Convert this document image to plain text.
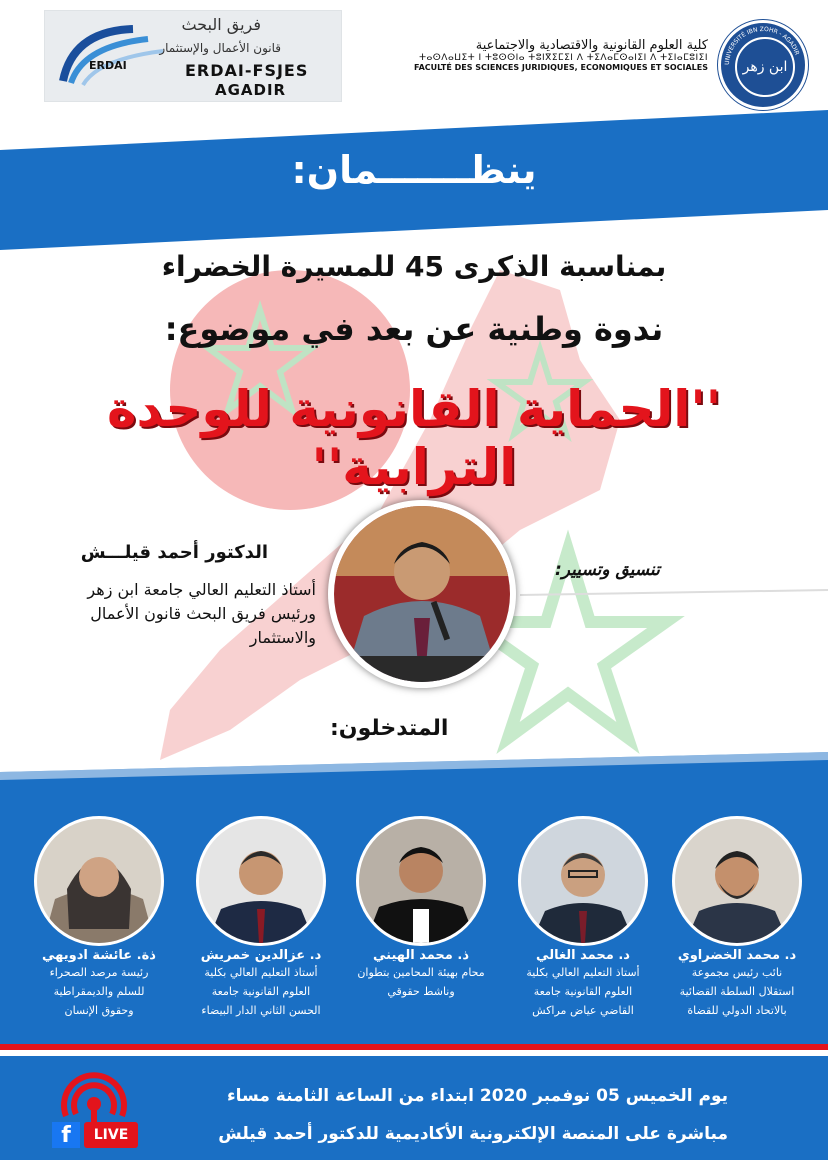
ERDAI
فريق البحث
قانون الأعمال والإستثمار
ERDAI-FSJES
AGADIR
كلية العلوم القانونية والاقتصادية والاجتماعية
ⵜⴰⵙⴷⴰⵡⵉⵜ ⵏ ⵜⵓⵙⵙⵏⴰ ⵜⵓⵏⴳⵉⵎⵉⵏ ⴷ ⵜⵉⴷⴰⵎⵙⴰⵏⵉⵏ ⴷ ⵜⵉⵏⴰⵎⵓⵏⵉⵏ
FACULTÉ DES SCIENCES JURIDIQUES, ECONOMIQUES ET SOCIALES
UNIVERSITÉ IBN ZOHR - AGADIR
ابن زهر
ينظـــــــمان:
بمناسبة الذكرى 45 للمسيرة الخضراء
ندوة وطنية عن بعد في موضوع:
''الحماية القانونية للوحدة الترابية''
تنسيق وتسيير:
الدكتور أحمد قيلـــش
أستاذ التعليم العالي جامعة ابن زهر
ورئيس فريق البحث قانون الأعمال
والاستثمار
المتدخلون:
د. محمد الخضراوي
نائب رئيس مجموعة
استقلال السلطة القضائية
بالاتحاد الدولي للقضاة
د. محمد الغالي
أستاذ التعليم العالي بكلية
العلوم القانونية جامعة
القاضي عياض مراكش
ذ. محمد الهيني
محام بهيئة المحامين بتطوان
وناشط حقوقي
د. عزالدين خمريش
أستاذ التعليم العالي بكلية
العلوم القانونية جامعة
الحسن الثاني الدار البيضاء
ذة. عائشة ادويهي
رئيسة مرصد الصحراء
للسلم والديمقراطية
وحقوق الإنسان
f	LIVE
يوم الخميس 05 نوفمبر 2020 ابتداء من الساعة الثامنة مساء
مباشرة على المنصة الإلكترونية الأكاديمية للدكتور أحمد قيلش
